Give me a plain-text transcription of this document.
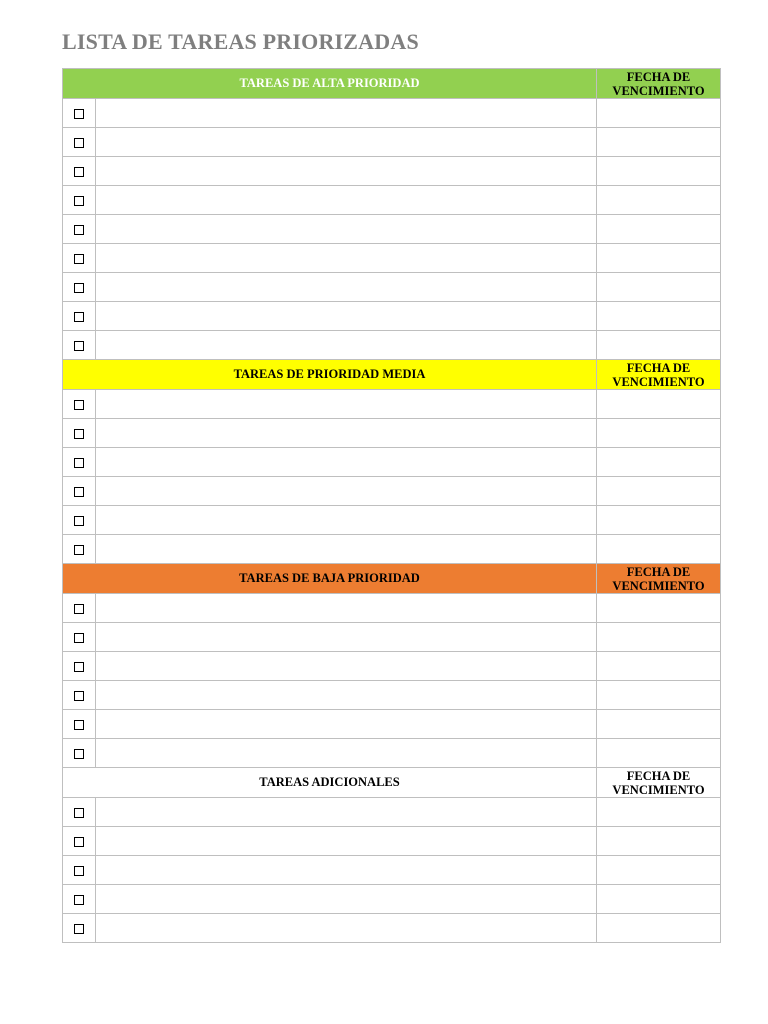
LISTA DE TAREAS PRIORIZADAS
TAREAS DE ALTA PRIORIDAD		FECHA DE VENCIMIENTO

TAREAS DE PRIORIDAD MEDIA		FECHA DE VENCIMIENTO

TAREAS DE BAJA PRIORIDAD		FECHA DE VENCIMIENTO

TAREAS ADICIONALES		FECHA DE VENCIMIENTO
